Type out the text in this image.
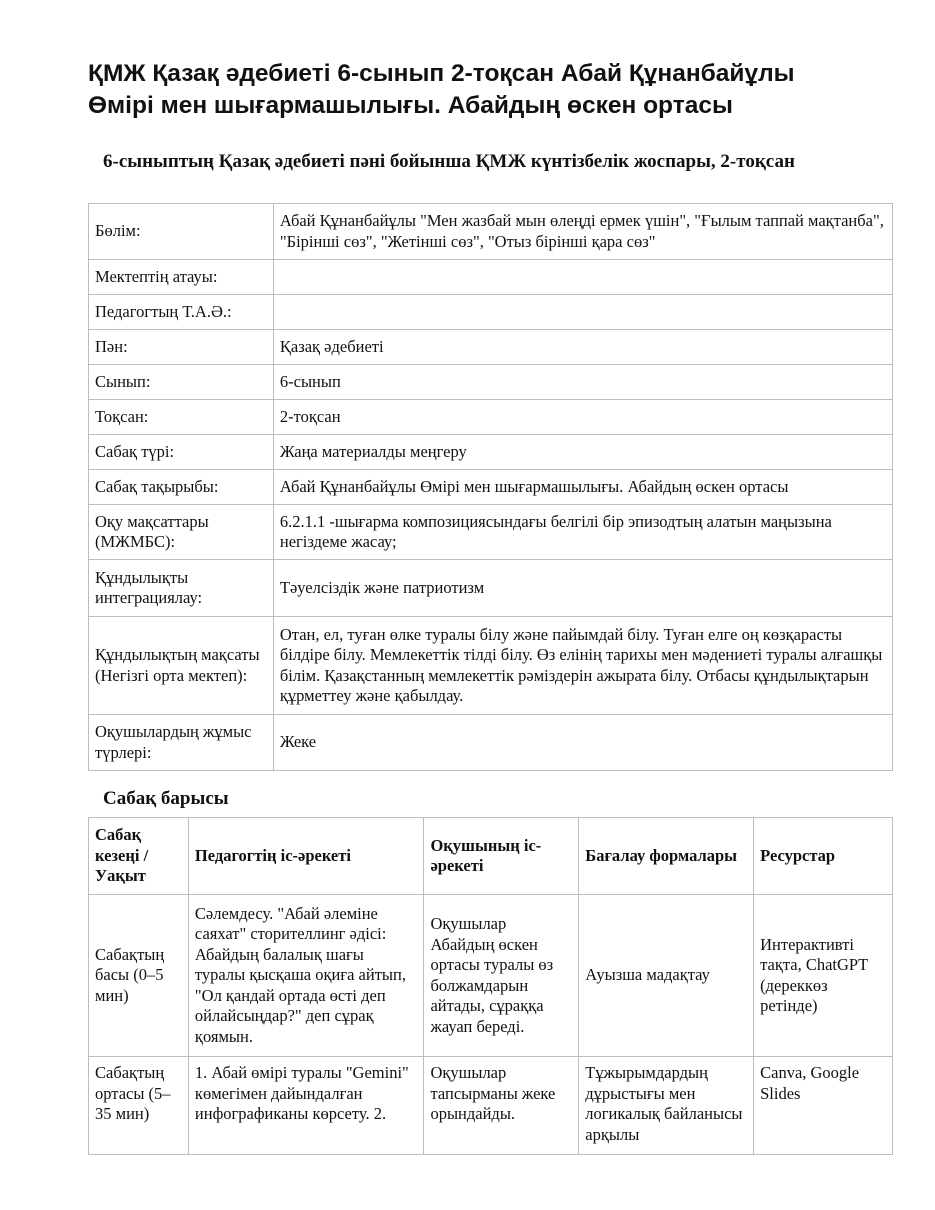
ҚМЖ Қазақ әдебиеті 6-сынып 2-тоқсан Абай Құнанбайұлы
Өмірі мен шығармашылығы. Абайдың өскен ортасы
6-сыныптың Қазақ әдебиеті пәні бойынша ҚМЖ күнтізбелік жоспары, 2-тоқсан
Бөлім:	Абай Құнанбайұлы "Мен жазбай мын өлеңді ермек үшін", "Ғылым таппай мақтанба", "Бірінші сөз", "Жетінші сөз", "Отыз бірінші қара сөз"
Мектептің атауы:	
Педагогтың Т.А.Ә.:	
Пән:	Қазақ әдебиеті
Сынып:	6-сынып
Тоқсан:	2-тоқсан
Сабақ түрі:	Жаңа материалды меңгеру
Сабақ тақырыбы:	Абай Құнанбайұлы Өмірі мен шығармашылығы. Абайдың өскен ортасы
Оқу мақсаттары (МЖМБС):	6.2.1.1 -шығарма композициясындағы белгілі бір эпизодтың алатын маңызына негіздеме жасау;
Құндылықты интеграциялау:	Тәуелсіздік және патриотизм
Құндылықтың мақсаты (Негізгі орта мектеп):	Отан, ел, туған өлке туралы білу және пайымдай білу. Туған елге оң көзқарасты білдіре білу. Мемлекеттік тілді білу. Өз елінің тарихы мен мәдениеті туралы алғашқы білім. Қазақстанның мемлекеттік рәміздерін ажырата білу. Отбасы құндылықтарын құрметтеу және қабылдау.
Оқушылардың жұмыс түрлері:	Жеке
Сабақ барысы
Сабақ кезеңі / Уақыт	Педагогтің іс-әрекеті	Оқушының іс-әрекеті	Бағалау формалары	Ресурстар
Сабақтың басы (0–5 мин)	Сәлемдесу. "Абай әлеміне саяхат" сторителлинг әдісі: Абайдың балалық шағы туралы қысқаша оқиға айтып, "Ол қандай ортада өсті деп ойлайсыңдар?" деп сұрақ қоямын.	Оқушылар Абайдың өскен ортасы туралы өз болжамдарын айтады, сұраққа жауап береді.	Ауызша мадақтау	Интерактивті тақта, ChatGPT (дереккөз ретінде)
Сабақтың ортасы (5–35 мин)	1. Абай өмірі туралы "Gemini" көмегімен дайындалған инфографиканы көрсету. 2.	Оқушылар тапсырманы жеке орындайды.	Тұжырымдардың дұрыстығы мен логикалық байланысы арқылы	Canva, Google Slides
